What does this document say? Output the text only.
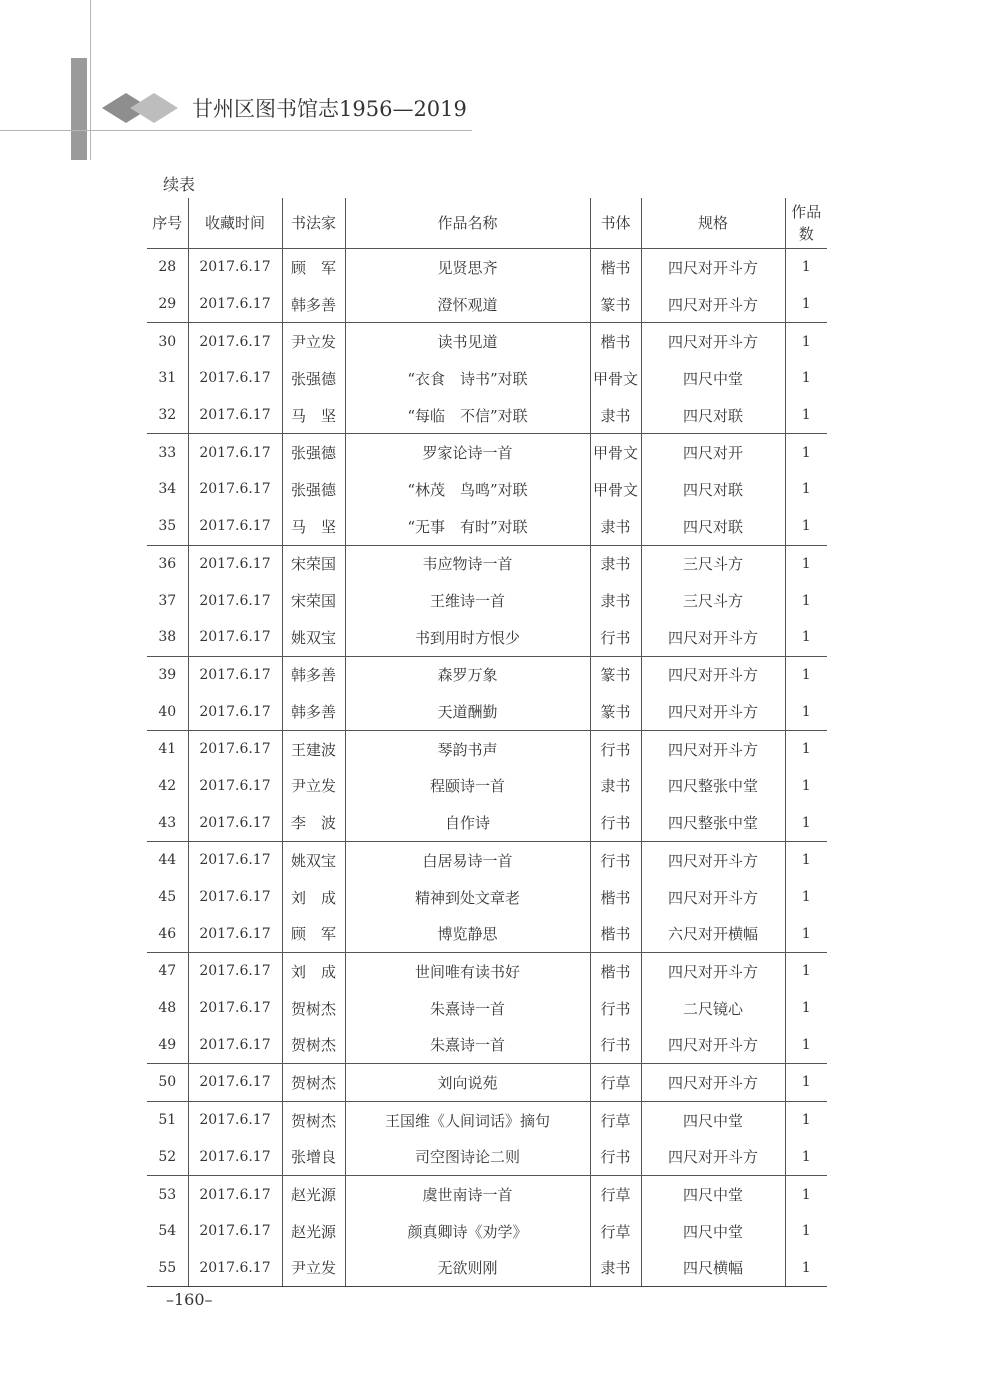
甘州区图书馆志1956—2019
续表
序号	收藏时间	书法家	作品名称	书体	规格	作品
数
28	2017.6.17	顾　军	见贤思齐	楷书	四尺对开斗方	1
29	2017.6.17	韩多善	澄怀观道	篆书	四尺对开斗方	1
30	2017.6.17	尹立发	读书见道	楷书	四尺对开斗方	1
31	2017.6.17	张强德	“衣食　诗书”对联	甲骨文	四尺中堂	1
32	2017.6.17	马　坚	“每临　不信”对联	隶书	四尺对联	1
33	2017.6.17	张强德	罗家论诗一首	甲骨文	四尺对开	1
34	2017.6.17	张强德	“林茂　鸟鸣”对联	甲骨文	四尺对联	1
35	2017.6.17	马　坚	“无事　有时”对联	隶书	四尺对联	1
36	2017.6.17	宋荣国	韦应物诗一首	隶书	三尺斗方	1
37	2017.6.17	宋荣国	王维诗一首	隶书	三尺斗方	1
38	2017.6.17	姚双宝	书到用时方恨少	行书	四尺对开斗方	1
39	2017.6.17	韩多善	森罗万象	篆书	四尺对开斗方	1
40	2017.6.17	韩多善	天道酬勤	篆书	四尺对开斗方	1
41	2017.6.17	王建波	琴韵书声	行书	四尺对开斗方	1
42	2017.6.17	尹立发	程颐诗一首	隶书	四尺整张中堂	1
43	2017.6.17	李　波	自作诗	行书	四尺整张中堂	1
44	2017.6.17	姚双宝	白居易诗一首	行书	四尺对开斗方	1
45	2017.6.17	刘　成	精神到处文章老	楷书	四尺对开斗方	1
46	2017.6.17	顾　军	博览静思	楷书	六尺对开横幅	1
47	2017.6.17	刘　成	世间唯有读书好	楷书	四尺对开斗方	1
48	2017.6.17	贺树杰	朱熹诗一首	行书	二尺镜心	1
49	2017.6.17	贺树杰	朱熹诗一首	行书	四尺对开斗方	1
50	2017.6.17	贺树杰	刘向说苑	行草	四尺对开斗方	1
51	2017.6.17	贺树杰	王国维《人间词话》摘句	行草	四尺中堂	1
52	2017.6.17	张增良	司空图诗论二则	行书	四尺对开斗方	1
53	2017.6.17	赵光源	虞世南诗一首	行草	四尺中堂	1
54	2017.6.17	赵光源	颜真卿诗《劝学》	行草	四尺中堂	1
55	2017.6.17	尹立发	无欲则刚	隶书	四尺横幅	1
–160–
